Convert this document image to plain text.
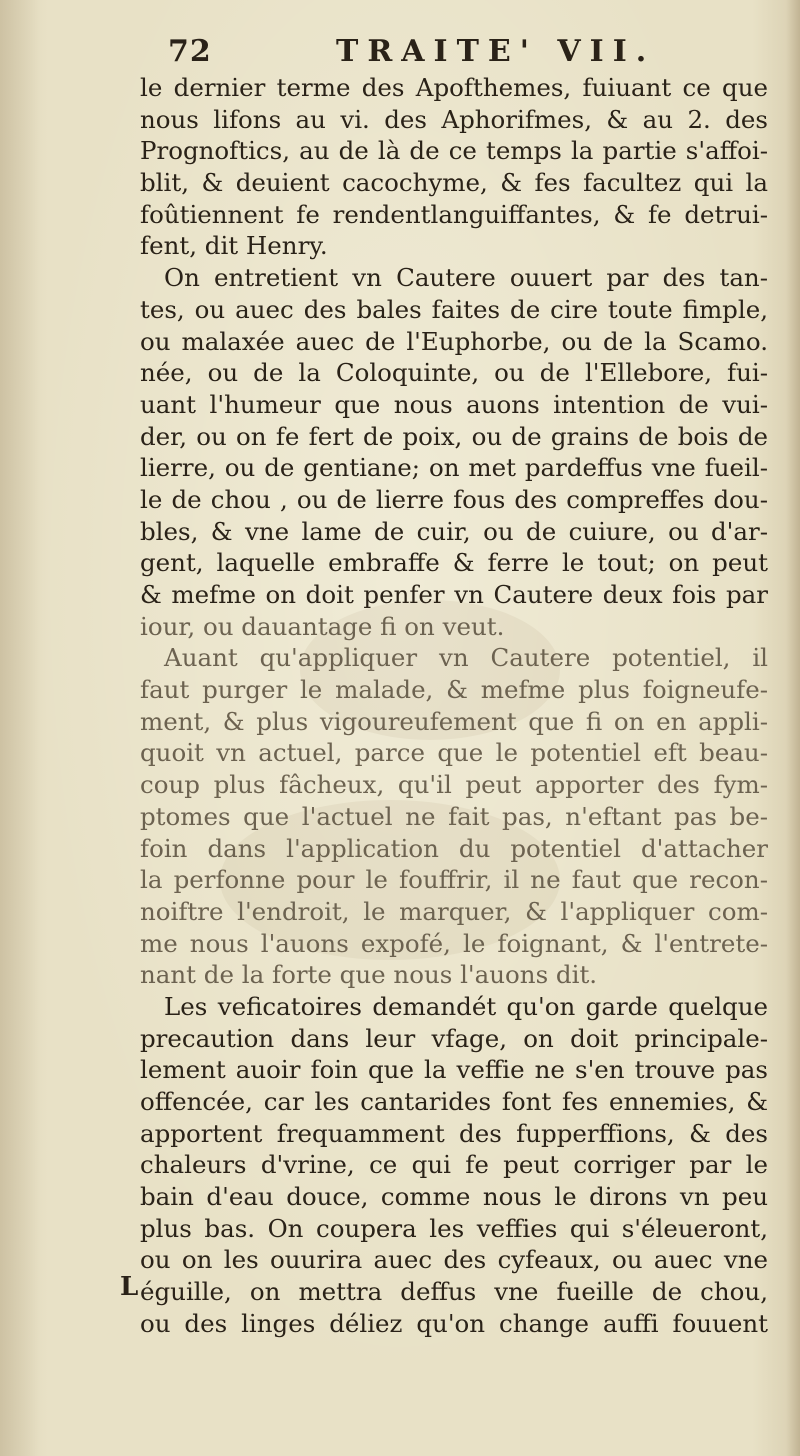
72	TRAITE' VII.
le dernier terme des Apofthemes, fuiuant ce que
nous lifons au vi. des Aphorifmes, & au 2. des
Prognoftics, au de là de ce temps la partie s'affoi-
blit, & deuient cacochyme, & fes facultez qui la
foûtiennent fe rendentlanguiffantes, & fe detrui-
fent, dit Henry.
On entretient vn Cautere ouuert par des tan-
tes, ou auec des bales faites de cire toute fimple,
ou malaxée auec de l'Euphorbe, ou de la Scamo.
née, ou de la Coloquinte, ou de l'Ellebore, fui-
uant l'humeur que nous auons intention de vui-
der, ou on fe fert de poix, ou de grains de bois de
lierre, ou de gentiane; on met pardeffus vne fueil-
le de chou , ou de lierre fous des compreffes dou-
bles, & vne lame de cuir, ou de cuiure, ou d'ar-
gent, laquelle embraffe & ferre le tout; on peut
& mefme on doit penfer vn Cautere deux fois par
iour, ou dauantage fi on veut.
Auant qu'appliquer vn Cautere potentiel, il
faut purger le malade, & mefme plus foigneufe-
ment, & plus vigoureufement que fi on en appli-
quoit vn actuel, parce que le potentiel eft beau-
coup plus fâcheux, qu'il peut apporter des fym-
ptomes que l'actuel ne fait pas, n'eftant pas be-
foin dans l'application du potentiel d'attacher
la perfonne pour le fouffrir, il ne faut que recon-
noiftre l'endroit, le marquer, & l'appliquer com-
me nous l'auons expofé, le foignant, & l'entrete-
nant de la forte que nous l'auons dit.
Les veficatoires demandét qu'on garde quelque
precaution dans leur vfage, on doit principale-
lement auoir foin que la veffie ne s'en trouve pas
offencée, car les cantarides font fes ennemies, &
apportent frequamment des fupperffions, & des
chaleurs d'vrine, ce qui fe peut corriger par le
bain d'eau douce, comme nous le dirons vn peu
plus bas. On coupera les veffies qui s'éleueront,
ou on les ouurira auec des cyfeaux, ou auec vne
éguille, on mettra deffus vne fueille de chou,
ou des linges déliez qu'on change auffi fouuent
L
